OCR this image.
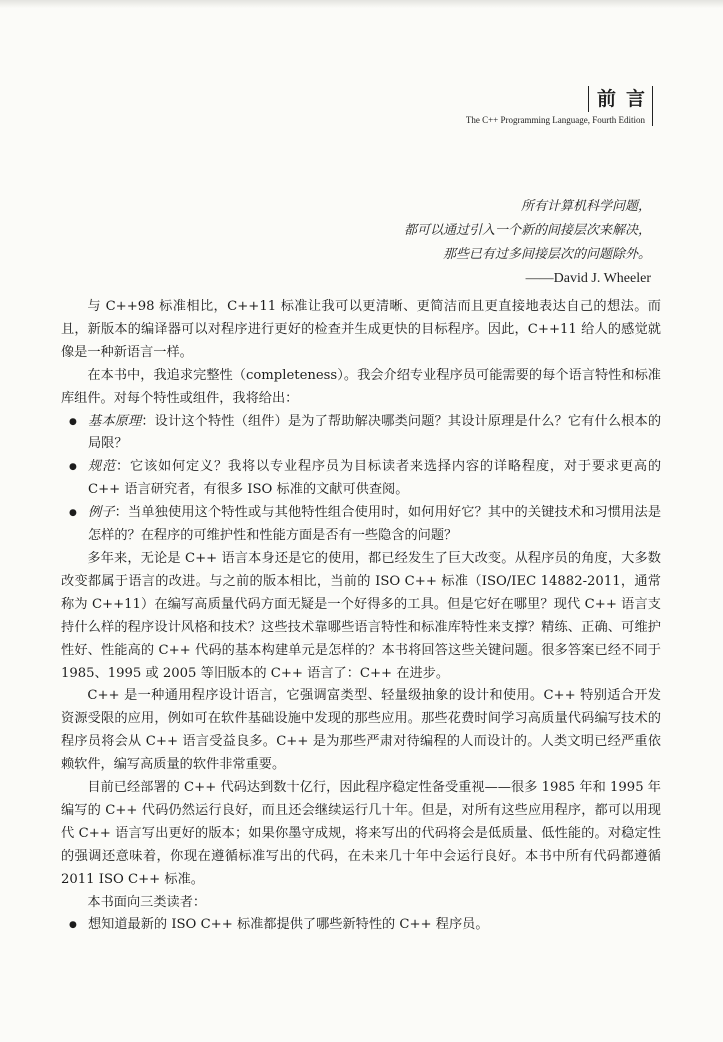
前言
The C++ Programming Language, Fourth Edition
所有计算机科学问题，
都可以通过引入一个新的间接层次来解决，
那些已有过多间接层次的问题除外。
——David J. Wheeler

与 C++98 标准相比，C++11 标准让我可以更清晰、更简洁而且更直接地表达自己的想法。而且，新版本的编译器可以对程序进行更好的检查并生成更快的目标程序。因此，C++11 给人的感觉就像是一种新语言一样。

在本书中，我追求完整性（completeness）。我会介绍专业程序员可能需要的每个语言特性和标准库组件。对每个特性或组件，我将给出：

● 基本原理：设计这个特性（组件）是为了帮助解决哪类问题？其设计原理是什么？它有什么根本的局限？
● 规范：它该如何定义？我将以专业程序员为目标读者来选择内容的详略程度，对于要求更高的 C++ 语言研究者，有很多 ISO 标准的文献可供查阅。
● 例子：当单独使用这个特性或与其他特性组合使用时，如何用好它？其中的关键技术和习惯用法是怎样的？在程序的可维护性和性能方面是否有一些隐含的问题？

多年来，无论是 C++ 语言本身还是它的使用，都已经发生了巨大改变。从程序员的角度，大多数改变都属于语言的改进。与之前的版本相比，当前的 ISO C++ 标准（ISO/IEC 14882-2011，通常称为 C++11）在编写高质量代码方面无疑是一个好得多的工具。但是它好在哪里？现代 C++ 语言支持什么样的程序设计风格和技术？这些技术靠哪些语言特性和标准库特性来支撑？精练、正确、可维护性好、性能高的 C++ 代码的基本构建单元是怎样的？本书将回答这些关键问题。很多答案已经不同于 1985、1995 或 2005 等旧版本的 C++ 语言了：C++ 在进步。

C++ 是一种通用程序设计语言，它强调富类型、轻量级抽象的设计和使用。C++ 特别适合开发资源受限的应用，例如可在软件基础设施中发现的那些应用。那些花费时间学习高质量代码编写技术的程序员将会从 C++ 语言受益良多。C++ 是为那些严肃对待编程的人而设计的。人类文明已经严重依赖软件，编写高质量的软件非常重要。

目前已经部署的 C++ 代码达到数十亿行，因此程序稳定性备受重视——很多 1985 年和 1995 年编写的 C++ 代码仍然运行良好，而且还会继续运行几十年。但是，对所有这些应用程序，都可以用现代 C++ 语言写出更好的版本；如果你墨守成规，将来写出的代码将会是低质量、低性能的。对稳定性的强调还意味着，你现在遵循标准写出的代码，在未来几十年中会运行良好。本书中所有代码都遵循 2011 ISO C++ 标准。

本书面向三类读者：

● 想知道最新的 ISO C++ 标准都提供了哪些新特性的 C++ 程序员。
